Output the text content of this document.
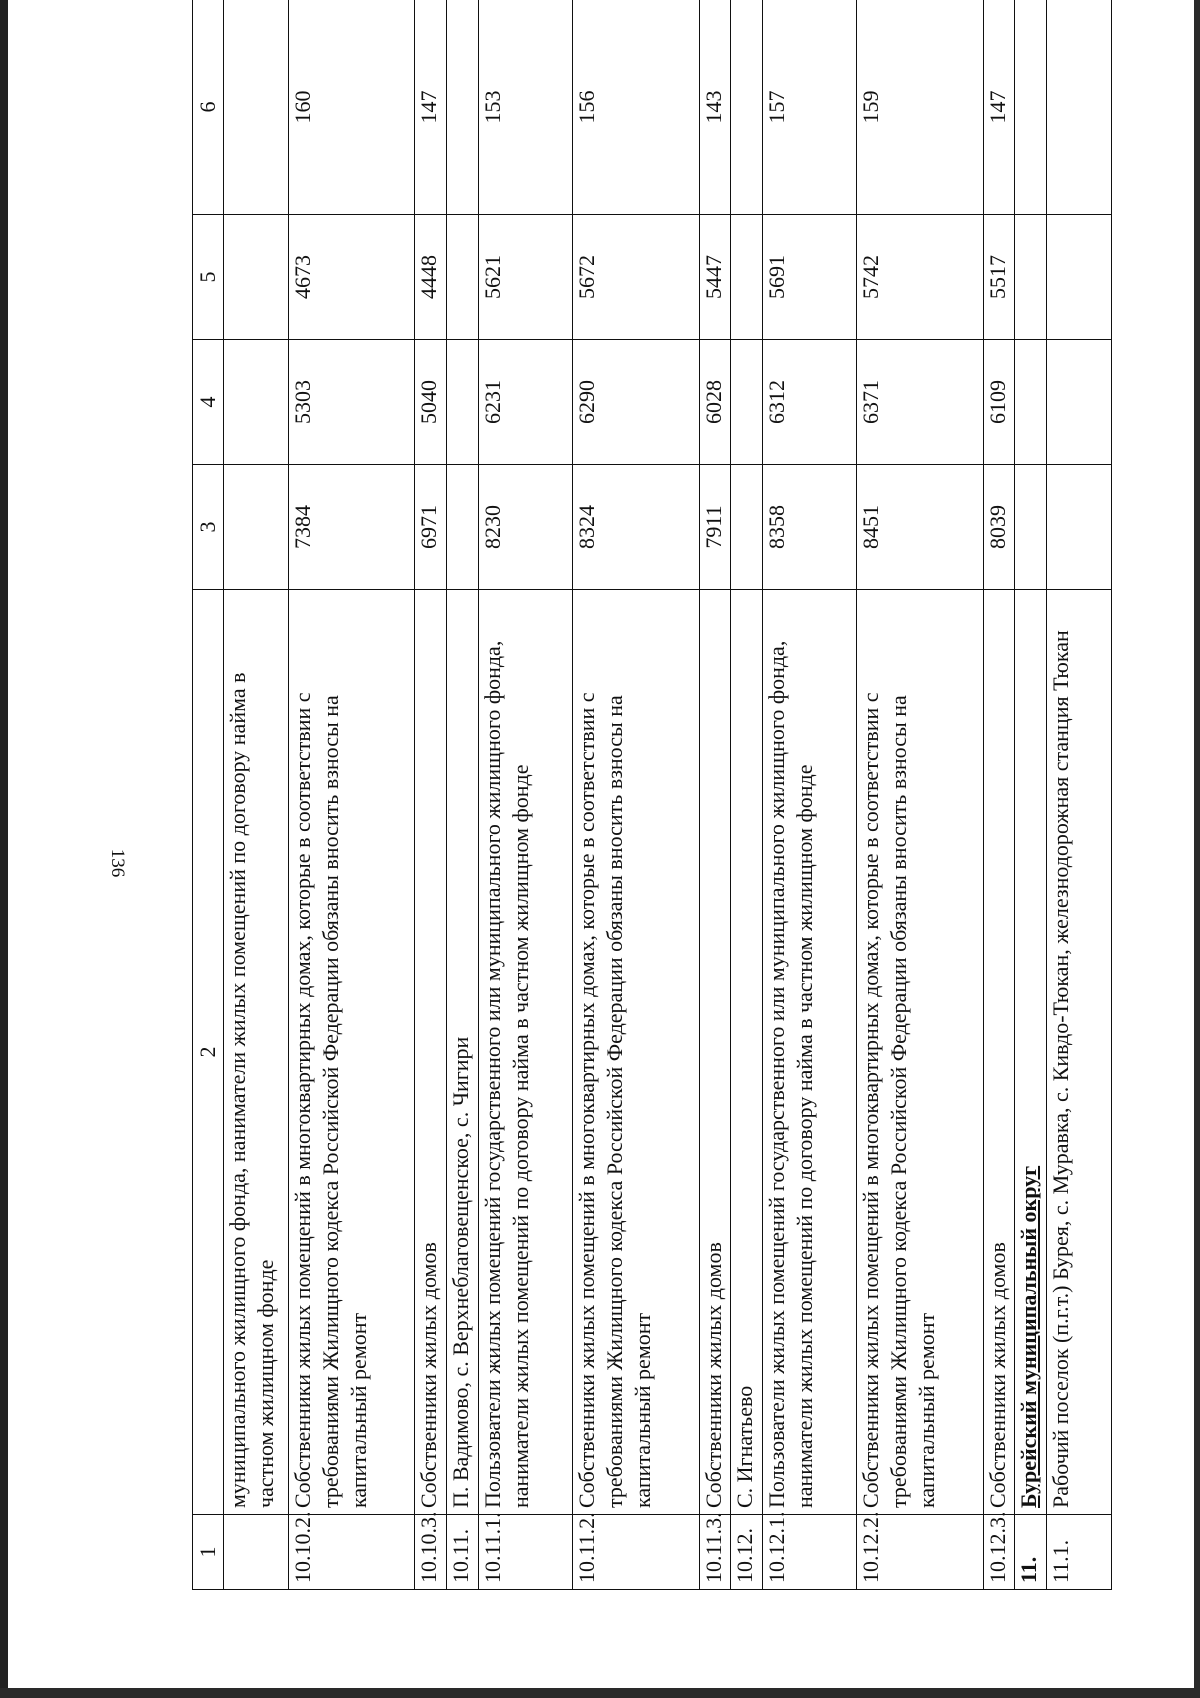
136
1	2	3	4	5	6
	муниципального жилищного фонда, наниматели жилых помещений по договору найма в частном жилищном фонде				
10.10.2.	Собственники жилых помещений в многоквартирных домах, которые в соответствии с требованиями Жилищного кодекса Российской Федерации обязаны вносить взносы на капитальный ремонт	7384	5303	4673	160
10.10.3.	Собственники жилых домов	6971	5040	4448	147
10.11.	П. Вадимово, с. Верхнеблаговещенское, с. Чигири				
10.11.1.	Пользователи жилых помещений государственного или муниципального жилищного фонда, наниматели жилых помещений по договору найма в частном жилищном фонде	8230	6231	5621	153
10.11.2.	Собственники жилых помещений в многоквартирных домах, которые в соответствии с требованиями Жилищного кодекса Российской Федерации обязаны вносить взносы на капитальный ремонт	8324	6290	5672	156
10.11.3.	Собственники жилых домов	7911	6028	5447	143
10.12.	С. Игнатьево				
10.12.1.	Пользователи жилых помещений государственного или муниципального жилищного фонда, наниматели жилых помещений по договору найма в частном жилищном фонде	8358	6312	5691	157
10.12.2.	Собственники жилых помещений в многоквартирных домах, которые в соответствии с требованиями Жилищного кодекса Российской Федерации обязаны вносить взносы на капитальный ремонт	8451	6371	5742	159
10.12.3.	Собственники жилых домов	8039	6109	5517	147
11.	Бурейский муниципальный округ				
11.1.	Рабочий поселок (п.г.т.) Бурея, с. Муравка, с. Кивдо-Тюкан, железнодорожная станция Тюкан				
